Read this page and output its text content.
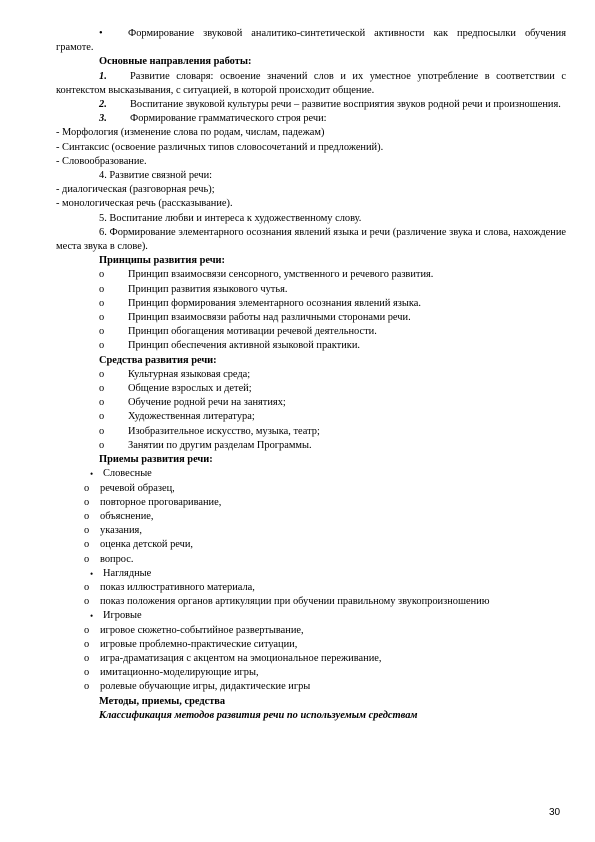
• Формирование звуковой аналитико-синтетической активности как предпосылки обучения грамоте.
Основные направления работы:
1. Развитие словаря: освоение значений слов и их уместное употребление в соответствии с контекстом высказывания, с ситуацией, в которой происходит общение.
2. Воспитание звуковой культуры речи – развитие восприятия звуков родной речи и произношения.
3. Формирование грамматического строя речи:
- Морфология (изменение слова по родам, числам, падежам)
- Синтаксис (освоение различных типов словосочетаний и предложений).
- Словообразование.
4. Развитие связной речи:
- диалогическая (разговорная речь);
- монологическая речь (рассказывание).
5. Воспитание любви и интереса к художественному слову.
6. Формирование элементарного осознания явлений языка и речи (различение звука и слова, нахождение места звука в слове).
Принципы развития речи:
o Принцип взаимосвязи сенсорного, умственного и речевого развития.
o Принцип развития языкового чутья.
o Принцип формирования элементарного осознания явлений языка.
o Принцип взаимосвязи работы над различными сторонами речи.
o Принцип обогащения мотивации речевой деятельности.
o Принцип обеспечения активной языковой практики.
Средства развития речи:
o Культурная языковая среда;
o Общение взрослых и детей;
o Обучение родной речи на занятиях;
o Художественная литература;
o Изобразительное искусство, музыка, театр;
o Занятии по другим разделам Программы.
Приемы развития речи:
• Словесные
o речевой образец,
o повторное проговаривание,
o объяснение,
o указания,
o оценка детской речи,
o вопрос.
• Наглядные
o показ иллюстративного материала,
o показ положения органов артикуляции при обучении правильному звукопроизношению
• Игровые
o игровое сюжетно-событийное развертывание,
o игровые проблемно-практические ситуации,
o игра-драматизация с акцентом на эмоциональное переживание,
o имитационно-моделирующие игры,
o ролевые обучающие игры, дидактические игры
Методы, приемы, средства
Классификация методов развития речи по используемым средствам
30
